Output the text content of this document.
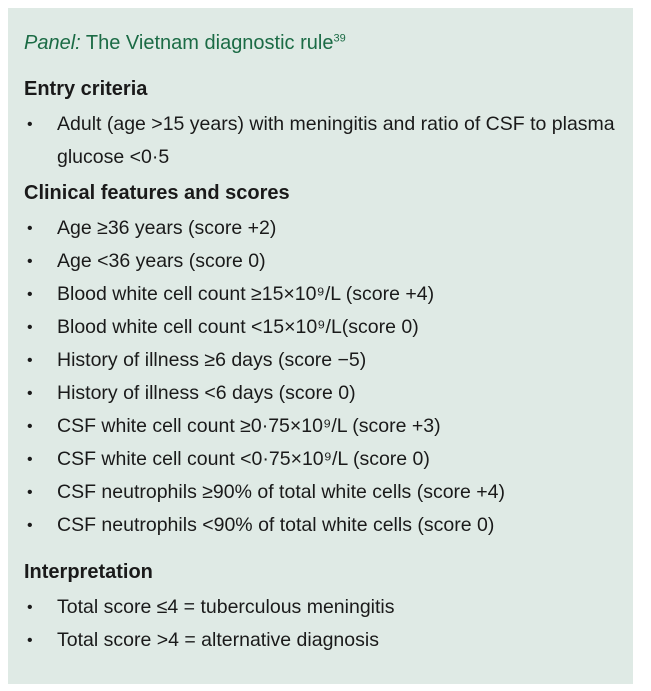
Panel: The Vietnam diagnostic rule$^{39}$
Entry criteria
• Adult (age >15 years) with meningitis and ratio of CSF to plasma glucose <0·5
Clinical features and scores
• Age ≥36 years (score +2)
• Age <36 years (score 0)
• Blood white cell count ≥15×10⁹/L (score +4)
• Blood white cell count <15×10⁹/L(score 0)
• History of illness ≥6 days (score −5)
• History of illness <6 days (score 0)
• CSF white cell count ≥0·75×10⁹/L (score +3)
• CSF white cell count <0·75×10⁹/L (score 0)
• CSF neutrophils ≥90% of total white cells (score +4)
• CSF neutrophils <90% of total white cells (score 0)
Interpretation
• Total score ≤4 = tuberculous meningitis
• Total score >4 = alternative diagnosis
